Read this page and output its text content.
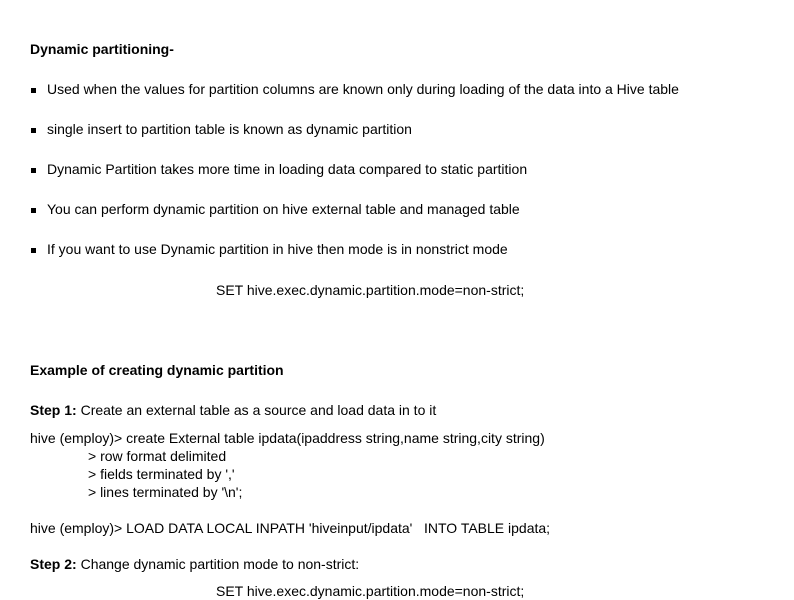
Dynamic partitioning-
Used when the values for partition columns are known only during loading of the data into a Hive table
single insert to partition table is known as dynamic partition
Dynamic Partition takes more time in loading data compared to static partition
You can perform dynamic partition on hive external table and managed table
If you want to use Dynamic partition in hive then mode is in nonstrict mode
SET hive.exec.dynamic.partition.mode=non-strict;
Example of creating dynamic partition
Step 1: Create an external table as a source and load data in to it
hive (employ)> create External table ipdata(ipaddress string,name string,city string)
> row format delimited
> fields terminated by ','
> lines terminated by '\n';
hive (employ)> LOAD DATA LOCAL INPATH 'hiveinput/ipdata'   INTO TABLE ipdata;
Step 2: Change dynamic partition mode to non-strict:
SET hive.exec.dynamic.partition.mode=non-strict;
